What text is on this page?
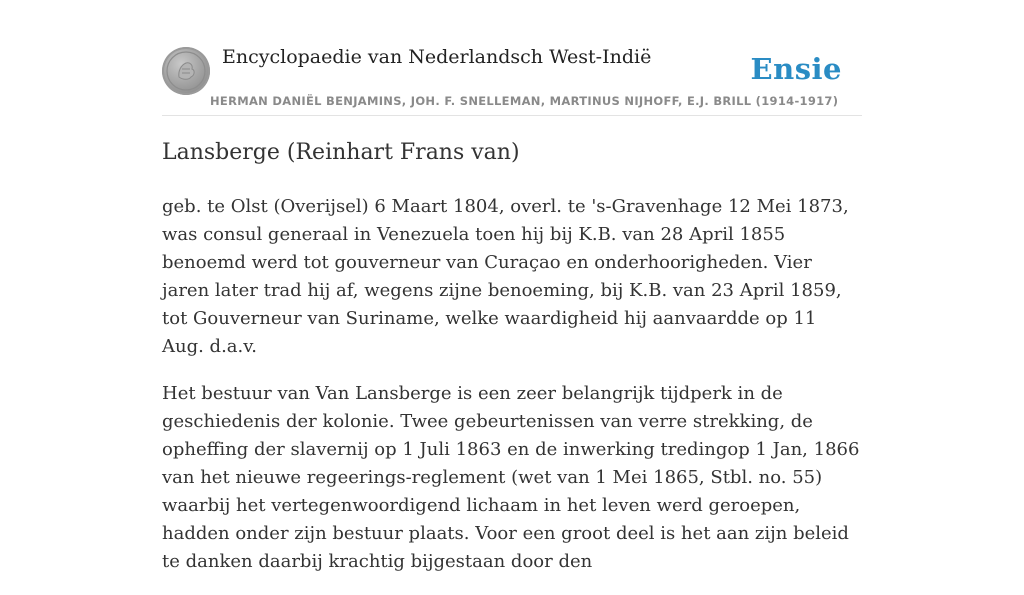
Encyclopaedie van Nederlandsch West-Indië	Ensie
HERMAN DANIËL BENJAMINS, JOH. F. SNELLEMAN, MARTINUS NIJHOFF, E.J. BRILL (1914-1917)
Lansberge (Reinhart Frans van)

geb. te Olst (Overijsel) 6 Maart 1804, overl. te 's-Gravenhage 12 Mei 1873, was consul generaal in Venezuela toen hij bij K.B. van 28 April 1855 benoemd werd tot gouverneur van Curaçao en onderhoorigheden. Vier jaren later trad hij af, wegens zijne benoeming, bij K.B. van 23 April 1859, tot Gouverneur van Suriname, welke waardigheid hij aanvaardde op 11 Aug. d.a.v.

Het bestuur van Van Lansberge is een zeer belangrijk tijdperk in de geschiedenis der kolonie. Twee gebeurtenissen van verre strekking, de opheffing der slavernij op 1 Juli 1863 en de inwerking tredingop 1 Jan, 1866 van het nieuwe regeerings-reglement (wet van 1 Mei 1865, Stbl. no. 55) waarbij het vertegenwoordigend lichaam in het leven werd geroepen, hadden onder zijn bestuur plaats. Voor een groot deel is het aan zijn beleid te danken daarbij krachtig bijgestaan door den
